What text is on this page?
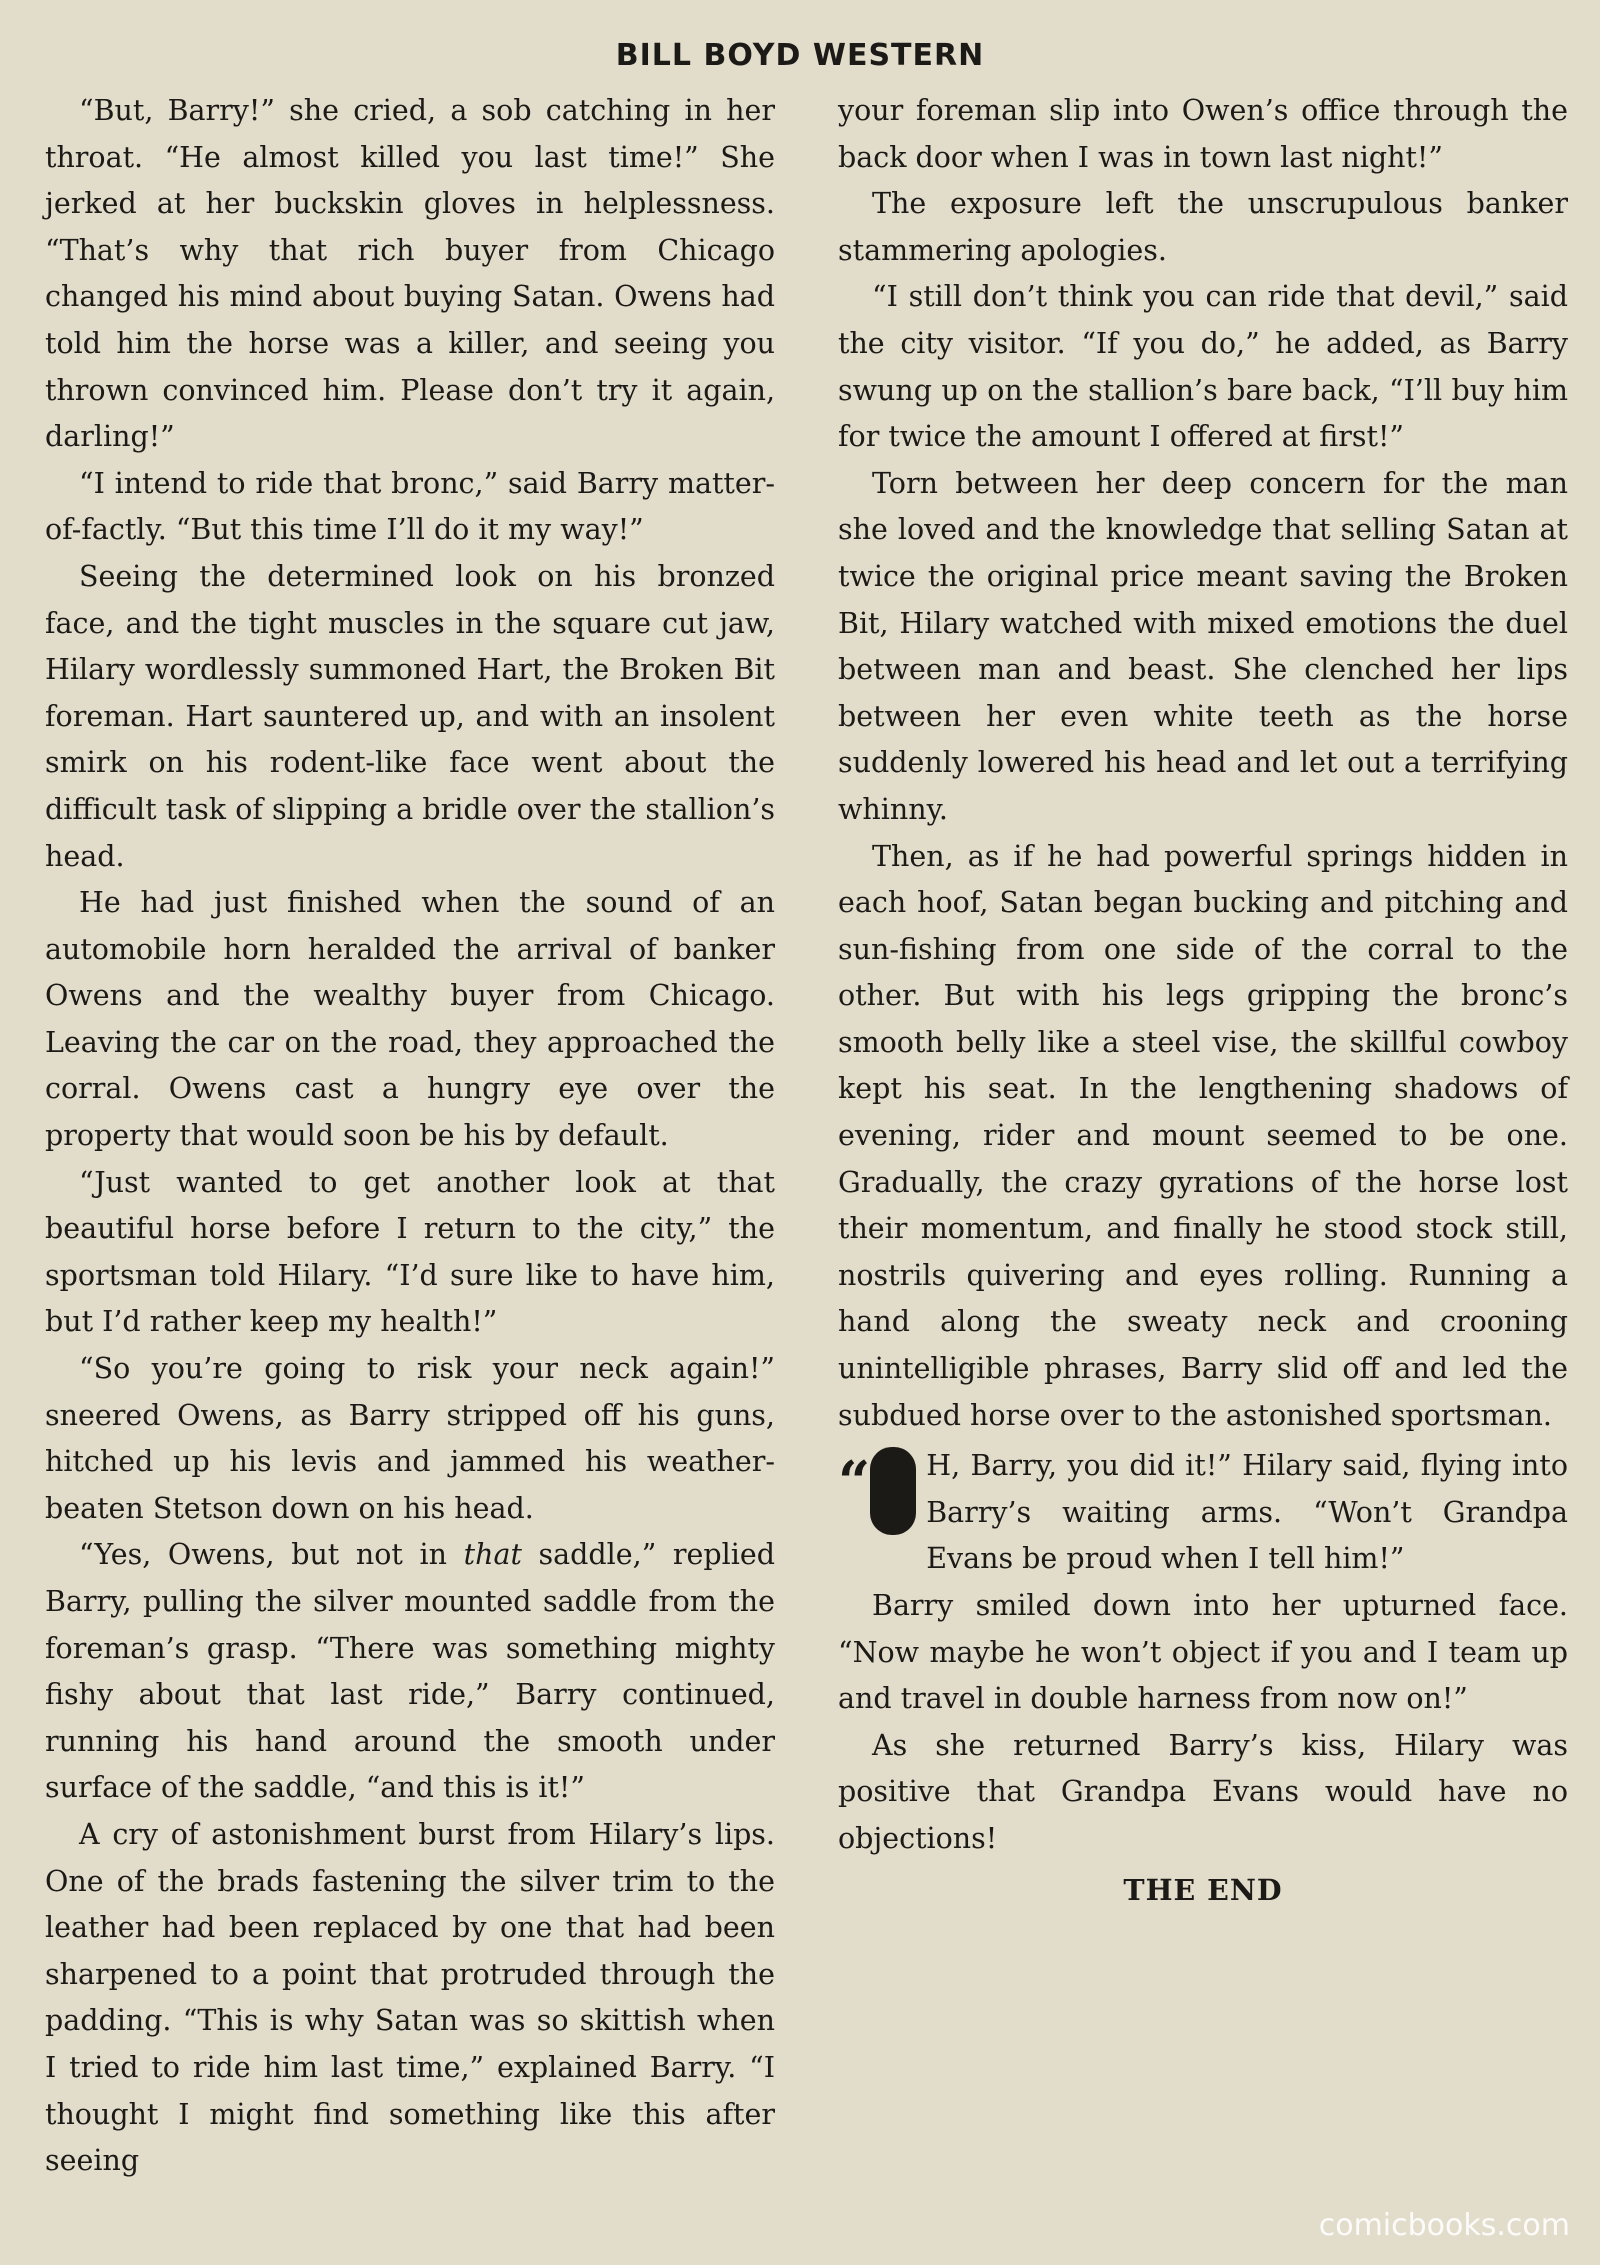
BILL BOYD WESTERN

“But, Barry!” she cried, a sob catching in her throat. “He almost killed you last time!” She jerked at her buckskin gloves in helplessness. “That’s why that rich buyer from Chicago changed his mind about buying Satan. Owens had told him the horse was a killer, and seeing you thrown convinced him. Please don’t try it again, darling!”

“I intend to ride that bronc,” said Barry matter-of-factly. “But this time I’ll do it my way!”

Seeing the determined look on his bronzed face, and the tight muscles in the square cut jaw, Hilary wordlessly summoned Hart, the Broken Bit foreman. Hart sauntered up, and with an insolent smirk on his rodent-like face went about the difficult task of slipping a bridle over the stallion’s head.

He had just finished when the sound of an automobile horn heralded the arrival of banker Owens and the wealthy buyer from Chicago. Leaving the car on the road, they approached the corral. Owens cast a hungry eye over the property that would soon be his by default.

“Just wanted to get another look at that beautiful horse before I return to the city,” the sportsman told Hilary. “I’d sure like to have him, but I’d rather keep my health!”

“So you’re going to risk your neck again!” sneered Owens, as Barry stripped off his guns, hitched up his levis and jammed his weather-beaten Stetson down on his head.

“Yes, Owens, but not in that saddle,” replied Barry, pulling the silver mounted saddle from the foreman’s grasp. “There was something mighty fishy about that last ride,” Barry continued, running his hand around the smooth under surface of the saddle, “and this is it!”

A cry of astonishment burst from Hilary’s lips. One of the brads fastening the silver trim to the leather had been replaced by one that had been sharpened to a point that protruded through the padding. “This is why Satan was so skittish when I tried to ride him last time,” explained Barry. “I thought I might find something like this after seeing

your foreman slip into Owen’s office through the back door when I was in town last night!”

The exposure left the unscrupulous banker stammering apologies.

“I still don’t think you can ride that devil,” said the city visitor. “If you do,” he added, as Barry swung up on the stallion’s bare back, “I’ll buy him for twice the amount I offered at first!”

Torn between her deep concern for the man she loved and the knowledge that selling Satan at twice the original price meant saving the Broken Bit, Hilary watched with mixed emotions the duel between man and beast. She clenched her lips between her even white teeth as the horse suddenly lowered his head and let out a terrifying whinny.

Then, as if he had powerful springs hidden in each hoof, Satan began bucking and pitching and sun-fishing from one side of the corral to the other. But with his legs gripping the bronc’s smooth belly like a steel vise, the skillful cowboy kept his seat. In the lengthening shadows of evening, rider and mount seemed to be one. Gradually, the crazy gyrations of the horse lost their momentum, and finally he stood stock still, nostrils quivering and eyes rolling. Running a hand along the sweaty neck and crooning unintelligible phrases, Barry slid off and led the subdued horse over to the astonished sportsman.

“ H, Barry, you did it!” Hilary said, flying into Barry’s waiting arms. “Won’t Grandpa Evans be proud when I tell him!”

Barry smiled down into her upturned face. “Now maybe he won’t object if you and I team up and travel in double harness from now on!”

As she returned Barry’s kiss, Hilary was positive that Grandpa Evans would have no objections!

THE END
comicbooks.com
